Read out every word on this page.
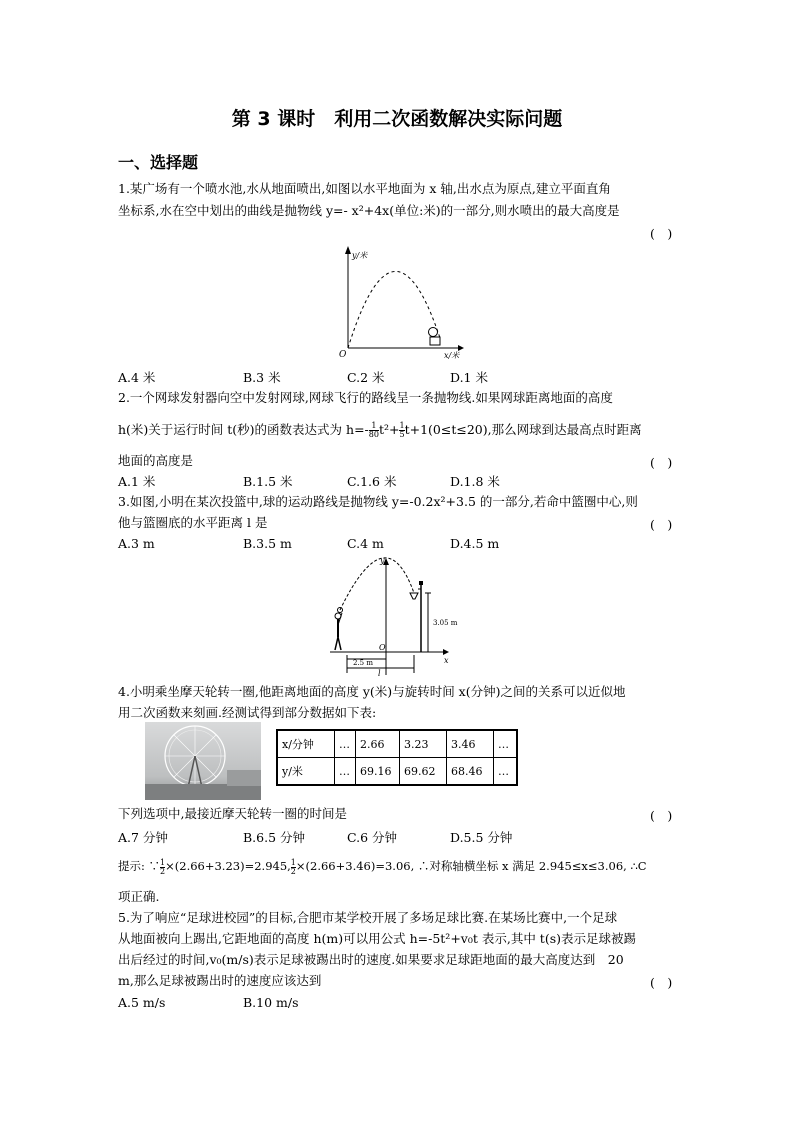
第 3 课时　利用二次函数解决实际问题
一、选择题
1.某广场有一个喷水池,水从地面喷出,如图以水平地面为 x 轴,出水点为原点,建立平面直角
坐标系,水在空中划出的曲线是抛物线 y=- x²+4x(单位:米)的一部分,则水喷出的最大高度是
(　)
y/米
x/米
O
A.4 米	B.3 米	C.2 米	D.1 米
2.一个网球发射器向空中发射网球,网球飞行的路线呈一条抛物线.如果网球距离地面的高度
h(米)关于运行时间 t(秒)的函数表达式为 $h=- \frac{1}{80} t^2+ \frac{1}{5} t+1(0\le t\le 20)$,那么网球到达最高点时距离
地面的高度是	(　)
A.1 米	B.1.5 米	C.1.6 米	D.1.8 米
3.如图,小明在某次投篮中,球的运动路线是抛物线 y=-0.2x²+3.5 的一部分,若命中篮圈中心,则
他与篮圈底的水平距离 l 是	(　)
A.3 m	B.3.5 m	C.4 m	D.4.5 m
y
x
O
3.05 m
2.5 m
l
4.小明乘坐摩天轮转一圈,他距离地面的高度 y(米)与旋转时间 x(分钟)之间的关系可以近似地
用二次函数来刻画.经测试得到部分数据如下表:
x/分钟	…	2.66	3.23	3.46	…
y/米	…	69.16	69.62	68.46	…
下列选项中,最接近摩天轮转一圈的时间是	(　)
A.7 分钟	B.6.5 分钟	C.6 分钟	D.5.5 分钟
提示: ∵ $\frac{1}{2} \times(2.66+3.23)=2.945$, $\frac{1}{2} \times(2.66+3.46)=3.06$, ∴对称轴横坐标 x 满足 2.945≤x≤3.06, ∴C
项正确.
5.为了响应“足球进校园”的目标,合肥市某学校开展了多场足球比赛.在某场比赛中,一个足球
从地面被向上踢出,它距地面的高度 h(m)可以用公式 h=-5t²+v₀t 表示,其中 t(s)表示足球被踢
出后经过的时间,v₀(m/s)表示足球被踢出时的速度.如果要求足球距地面的最大高度达到　20
m,那么足球被踢出时的速度应该达到	(　)
A.5 m/s	B.10 m/s
